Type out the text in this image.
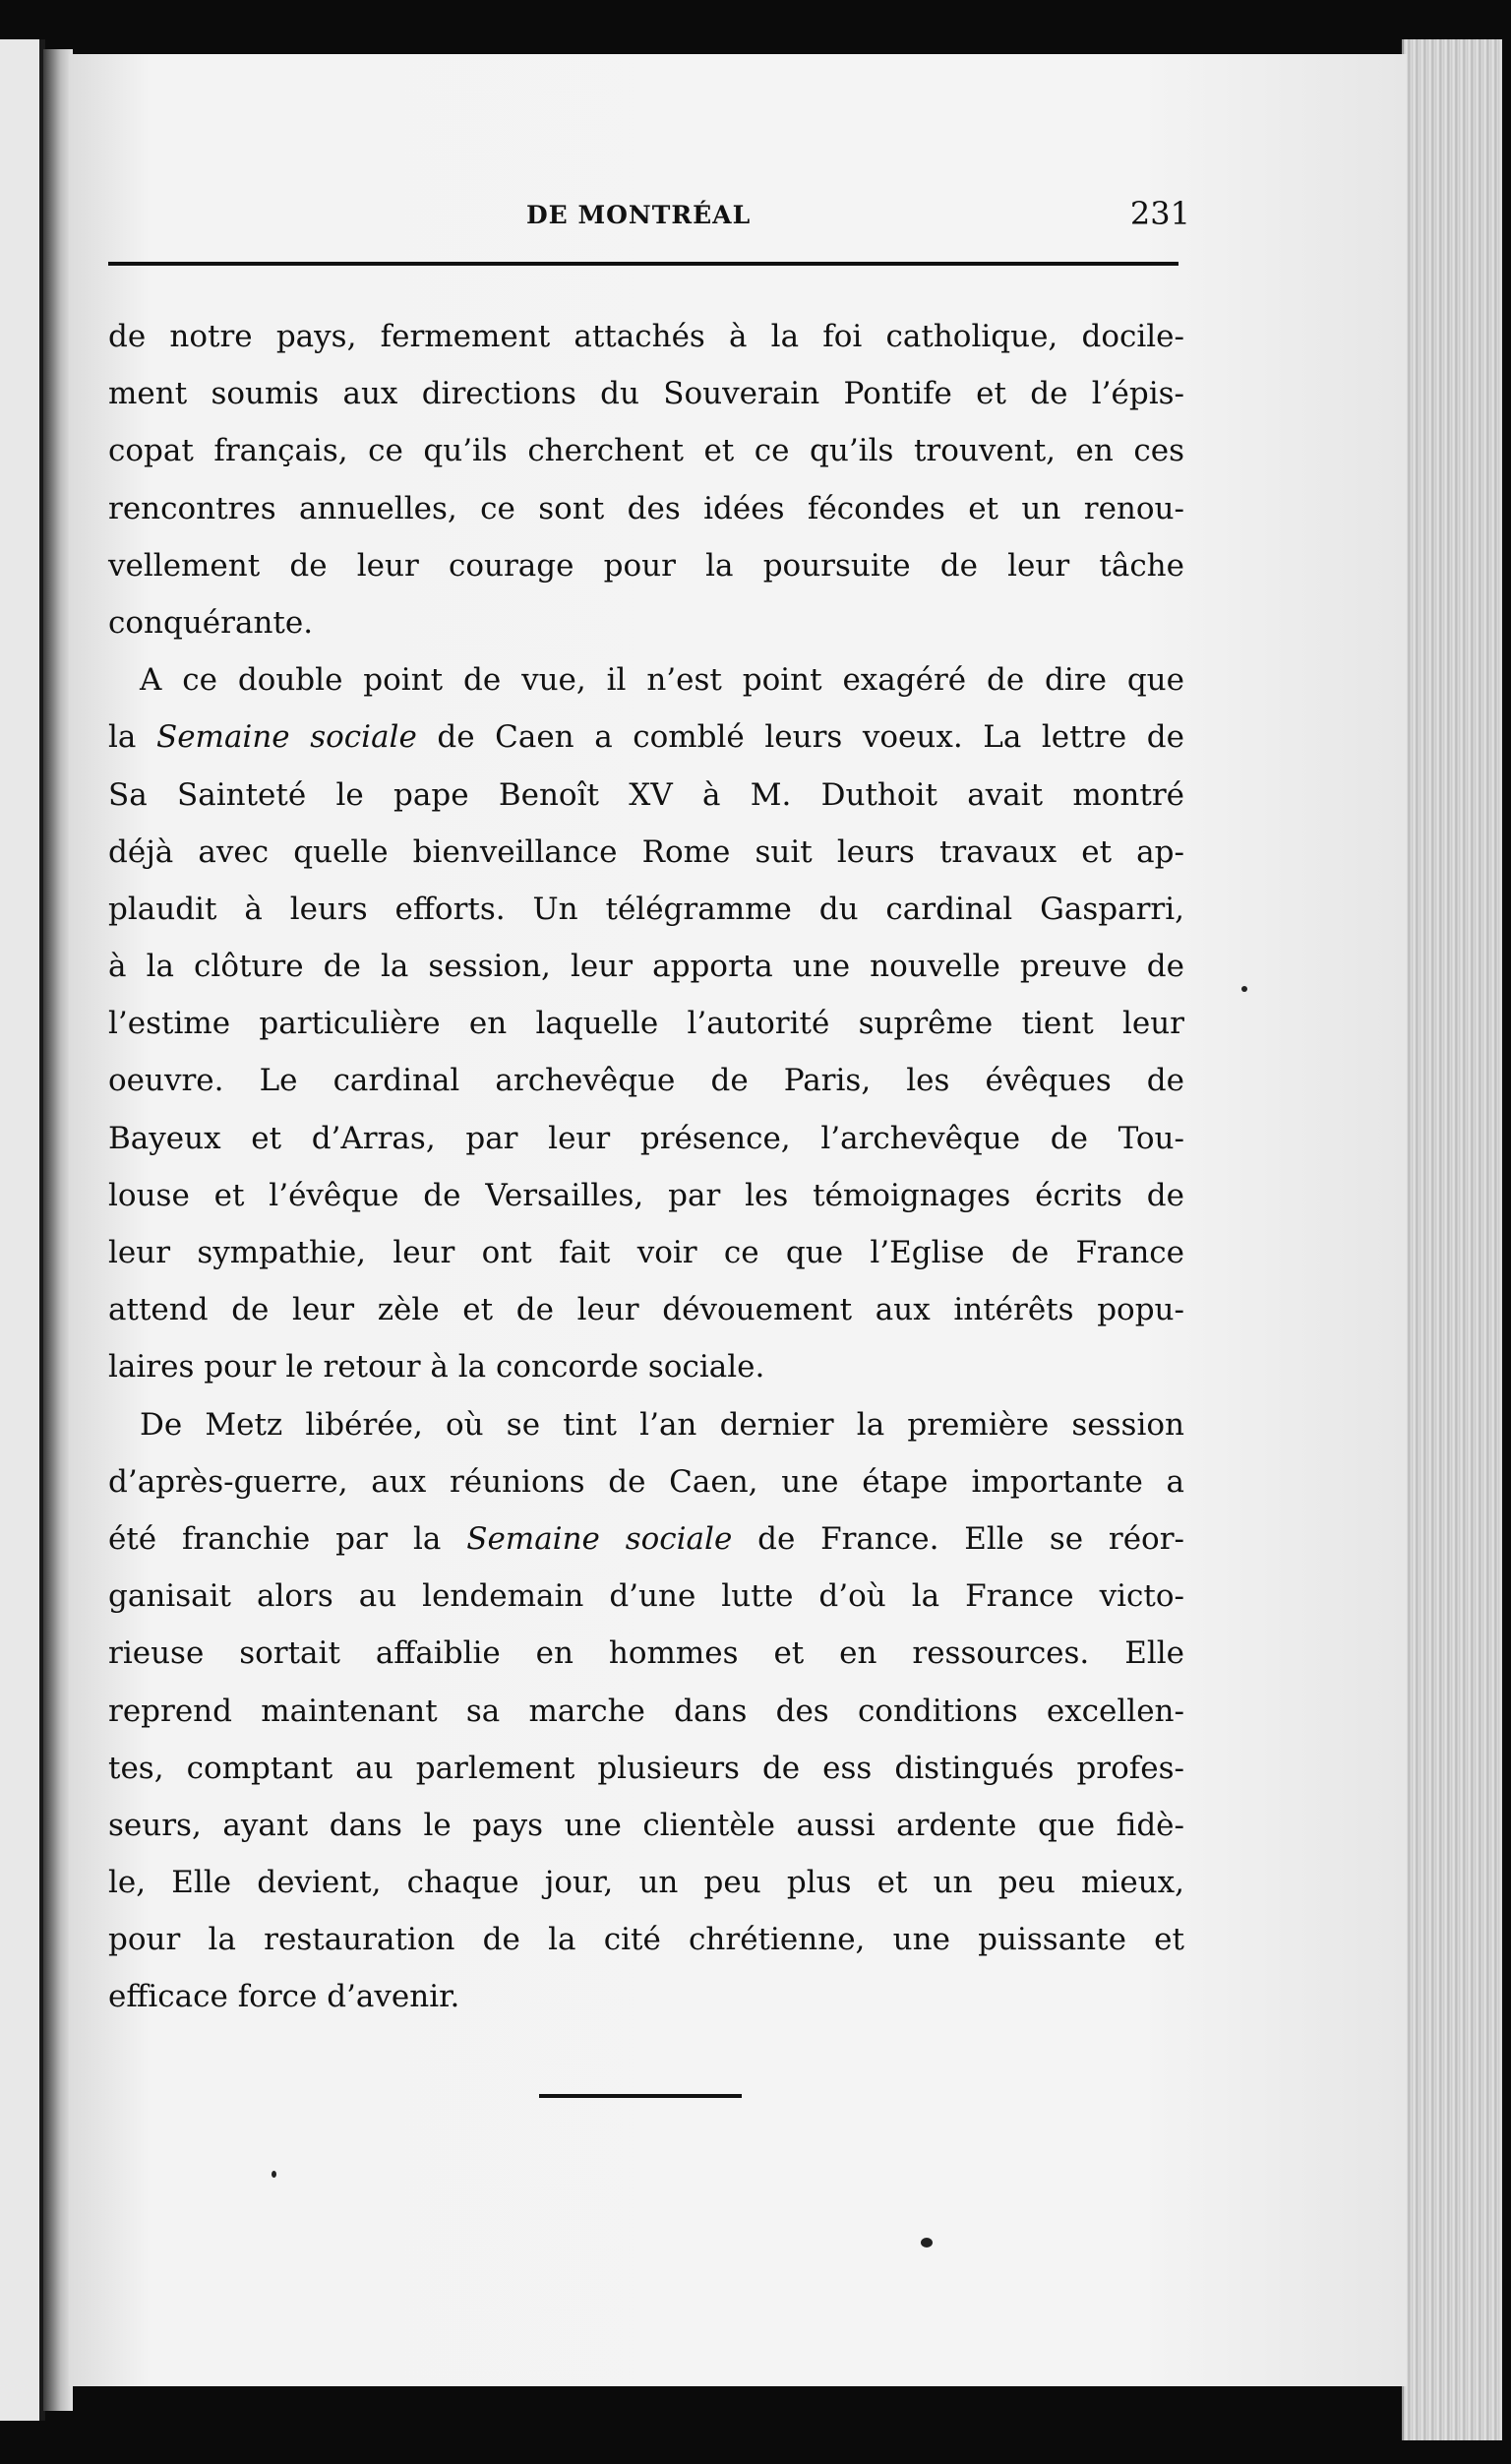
DE MONTRÉAL	231
de notre pays, fermement attachés à la foi catholique, docile-
ment soumis aux directions du Souverain Pontife et de l’épis-
copat français, ce qu’ils cherchent et ce qu’ils trouvent, en ces
rencontres annuelles, ce sont des idées fécondes et un renou-
vellement de leur courage pour la poursuite de leur tâche
conquérante.
A ce double point de vue, il n’est point exagéré de dire que
la Semaine sociale de Caen a comblé leurs voeux. La lettre de
Sa Sainteté le pape Benoît XV à M. Duthoit avait montré
déjà avec quelle bienveillance Rome suit leurs travaux et ap-
plaudit à leurs efforts. Un télégramme du cardinal Gasparri,
à la clôture de la session, leur apporta une nouvelle preuve de
l’estime particulière en laquelle l’autorité suprême tient leur
oeuvre. Le cardinal archevêque de Paris, les évêques de
Bayeux et d’Arras, par leur présence, l’archevêque de Tou-
louse et l’évêque de Versailles, par les témoignages écrits de
leur sympathie, leur ont fait voir ce que l’Eglise de France
attend de leur zèle et de leur dévouement aux intérêts popu-
laires pour le retour à la concorde sociale.
De Metz libérée, où se tint l’an dernier la première session
d’après-guerre, aux réunions de Caen, une étape importante a
été franchie par la Semaine sociale de France. Elle se réor-
ganisait alors au lendemain d’une lutte d’où la France victo-
rieuse sortait affaiblie en hommes et en ressources. Elle
reprend maintenant sa marche dans des conditions excellen-
tes, comptant au parlement plusieurs de ess distingués profes-
seurs, ayant dans le pays une clientèle aussi ardente que fidè-
le, Elle devient, chaque jour, un peu plus et un peu mieux,
pour la restauration de la cité chrétienne, une puissante et
efficace force d’avenir.
